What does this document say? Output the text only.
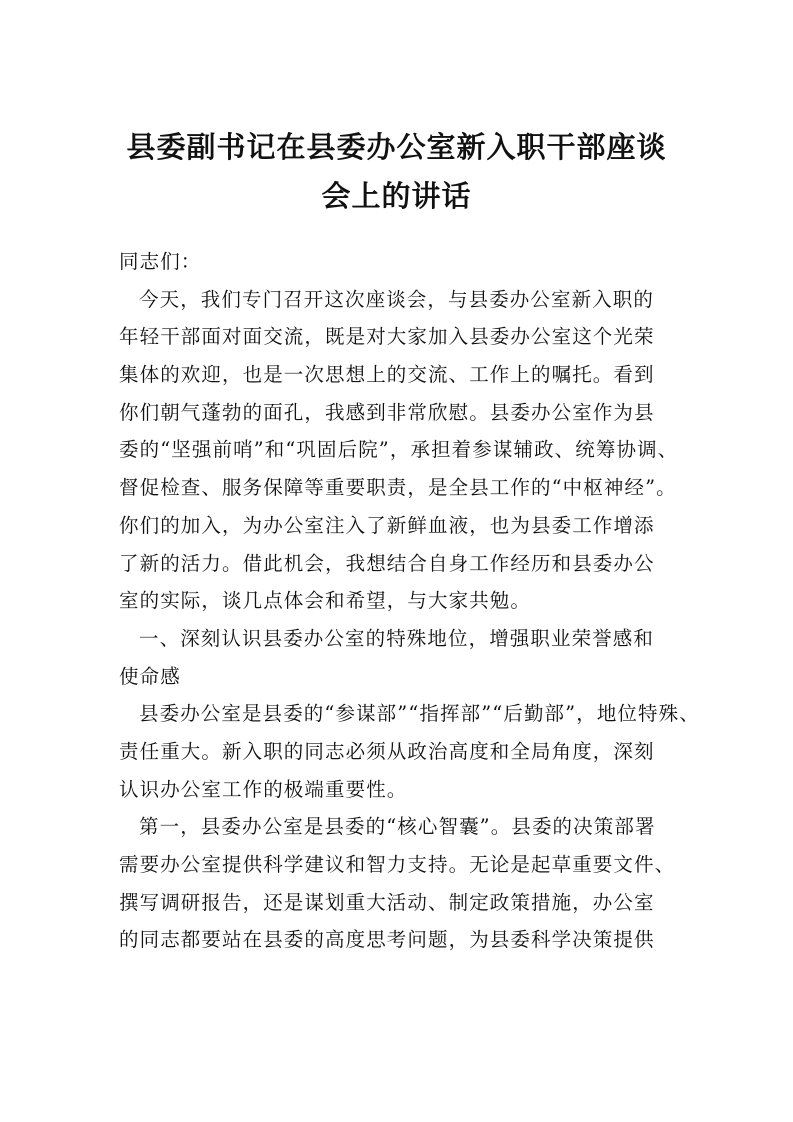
县委副书记在县委办公室新入职干部座谈
会上的讲话
同志们：
今天，我们专门召开这次座谈会，与县委办公室新入职的
年轻干部面对面交流，既是对大家加入县委办公室这个光荣
集体的欢迎，也是一次思想上的交流、工作上的嘱托。看到
你们朝气蓬勃的面孔，我感到非常欣慰。县委办公室作为县
委的“坚强前哨”和“巩固后院”，承担着参谋辅政、统筹协调、
督促检查、服务保障等重要职责，是全县工作的“中枢神经”。
你们的加入，为办公室注入了新鲜血液，也为县委工作增添
了新的活力。借此机会，我想结合自身工作经历和县委办公
室的实际，谈几点体会和希望，与大家共勉。
一、深刻认识县委办公室的特殊地位，增强职业荣誉感和
使命感
县委办公室是县委的“参谋部”“指挥部”“后勤部”，地位特殊、
责任重大。新入职的同志必须从政治高度和全局角度，深刻
认识办公室工作的极端重要性。
第一，县委办公室是县委的“核心智囊”。县委的决策部署
需要办公室提供科学建议和智力支持。无论是起草重要文件、
撰写调研报告，还是谋划重大活动、制定政策措施，办公室
的同志都要站在县委的高度思考问题，为县委科学决策提供
